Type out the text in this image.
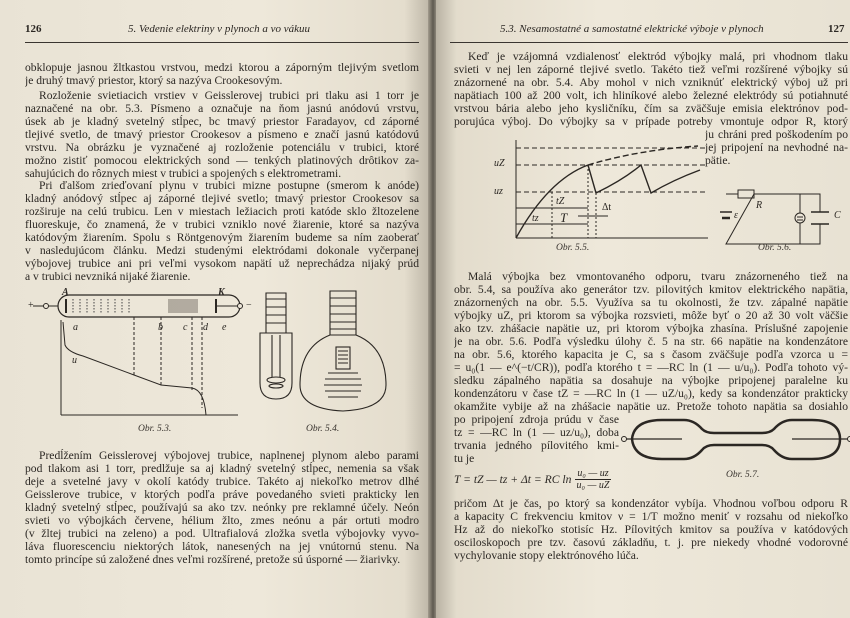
126	5. Vedenie elektriny v plynoch a vo vákuu
obklopuje jasnou žltkastou vrstvou, medzi ktorou a záporným tlejivým svetlom
je druhý tmavý priestor, ktorý sa nazýva Crookesovým.
Rozloženie svietiacich vrstiev v Geisslerovej trubici pri tlaku asi 1 torr je
naznačené na obr. 5.3. Písmeno a označuje na ňom jasnú anódovú vrstvu,
úsek ab je kladný svetelný stĺpec, bc tmavý priestor Faradayov, cd záporné
tlejivé svetlo, de tmavý priestor Crookesov a písmeno e značí jasnú katódovú
vrstvu. Na obrázku je vyznačené aj rozloženie potenciálu v trubici, ktoré
možno zistiť pomocou elektrických sond — tenkých platinových drôtikov za-
sahujúcich do rôznych miest v trubici a spojených s elektrometrami.
Pri ďalšom zrieďovaní plynu v trubici mizne postupne (smerom k anóde)
kladný anódový stĺpec aj záporné tlejivé svetlo; tmavý priestor Crookesov sa
rozširuje na celú trubicu. Len v miestach ležiacich proti katóde sklo žltozelene
fluoreskuje, čo znamená, že v trubici vzniklo nové žiarenie, ktoré sa nazýva
katódovým žiarením. Spolu s Röntgenovým žiarením budeme sa ním zaoberať
v nasledujúcom článku. Medzi studenými elektródami dokonale vyčerpanej
výbojovej trubice ani pri veľmi vysokom napätí už neprechádza nijaký prúd
a v trubici nevzniká nijaké žiarenie.
Predĺžením Geisslerovej výbojovej trubice, naplnenej plynom alebo parami
pod tlakom asi 1 torr, predlžuje sa aj kladný svetelný stĺpec, nemenia sa však
deje a svetelné javy v okolí katódy trubice. Takéto aj niekoľko metrov dlhé
Geisslerove trubice, v ktorých podľa práve povedaného svieti prakticky len
kladný svetelný stĺpec, používajú sa ako tzv. neónky pre reklamné účely. Neón
svieti vo výbojkách červene, hélium žlto, zmes neónu a pár ortuti modro
(v žltej trubici na zeleno) a pod. Ultrafialová zložka svetla výbojovky vyvo-
láva fluorescenciu niektorých látok, nanesených na jej vnútornú stenu. Na
tomto princípe sú založené dnes veľmi rozšírené, pretože sú úsporné — žiarivky.
A	K
+	−
a	b c d e
u
Obr. 5.3.	Obr. 5.4.
5.3. Nesamostatné a samostatné elektrické výboje v plynoch	127
Keď je vzájomná vzdialenosť elektród výbojky malá, pri vhodnom tlaku
svieti v nej len záporné tlejivé svetlo. Takéto tiež veľmi rozšírené výbojky sú
znázornené na obr. 5.4. Aby mohol v nich vzniknúť elektrický výboj už pri
napätiach 100 až 200 volt, ich hliníkové alebo železné elektródy sú potiahnuté
vrstvou bária alebo jeho kysličníku, čím sa zväčšuje emisia elektrónov pod-
porujúca výboj. Do výbojky sa v prípade potreby vmontuje odpor R, ktorý
ju chráni pred poškodením po
jej pripojení na nevhodné na-
pätie.
uZ
uz
tZ
tz T
Δt
Obr. 5.5.
R
ε	C
Obr. 5.6.
Malá výbojka bez vmontovaného odporu, tvaru znázorneného tiež na
obr. 5.4, sa používa ako generátor tzv. pilovitých kmitov elektrického napätia,
znázornených na obr. 5.5. Využíva sa tu okolnosti, že tzv. zápalné napätie
výbojky uZ, pri ktorom sa výbojka rozsvieti, môže byť o 20 až 30 volt väčšie
ako tzv. zhášacie napätie uz, pri ktorom výbojka zhasína. Príslušné zapojenie
je na obr. 5.6. Podľa výsledku úlohy č. 5 na str. 66 napätie na kondenzátore
na obr. 5.6, ktorého kapacita je C, sa s časom zväčšuje podľa vzorca u =
= u₀(1 — e^(−t/CR)), podľa ktorého t = —RC ln (1 — u/u₀). Podľa tohoto vý-
sledku zápalného napätia sa dosahuje na výbojke pripojenej paralelne ku
kondenzátoru v čase tZ = —RC ln (1 — uZ/u₀), kedy sa kondenzátor prakticky
okamžite vybije až na zhášacie napätie uz. Pretože tohoto napätia sa dosiahlo
po pripojení zdroja prúdu v čase
tz = —RC ln (1 — uz/u₀), doba
trvania jedného pílovitého kmi-
tu je
T = tZ — tz + Δt = RC $\ln \frac{\text{u₀ — uz}}{\text{u₀ — uZ}}$	Obr. 5.7.
pričom Δt je čas, po ktorý sa kondenzátor vybíja. Vhodnou voľbou odporu R
a kapacity C frekvenciu kmitov ν = 1/T možno meniť v rozsahu od niekoľko
Hz až do niekoľko stotisíc Hz. Pílovitých kmitov sa používa v katódových
osciloskopoch pre tzv. časovú základňu, t. j. pre niekedy vhodné vodorovné
vychylovanie stopy elektrónového lúča.
